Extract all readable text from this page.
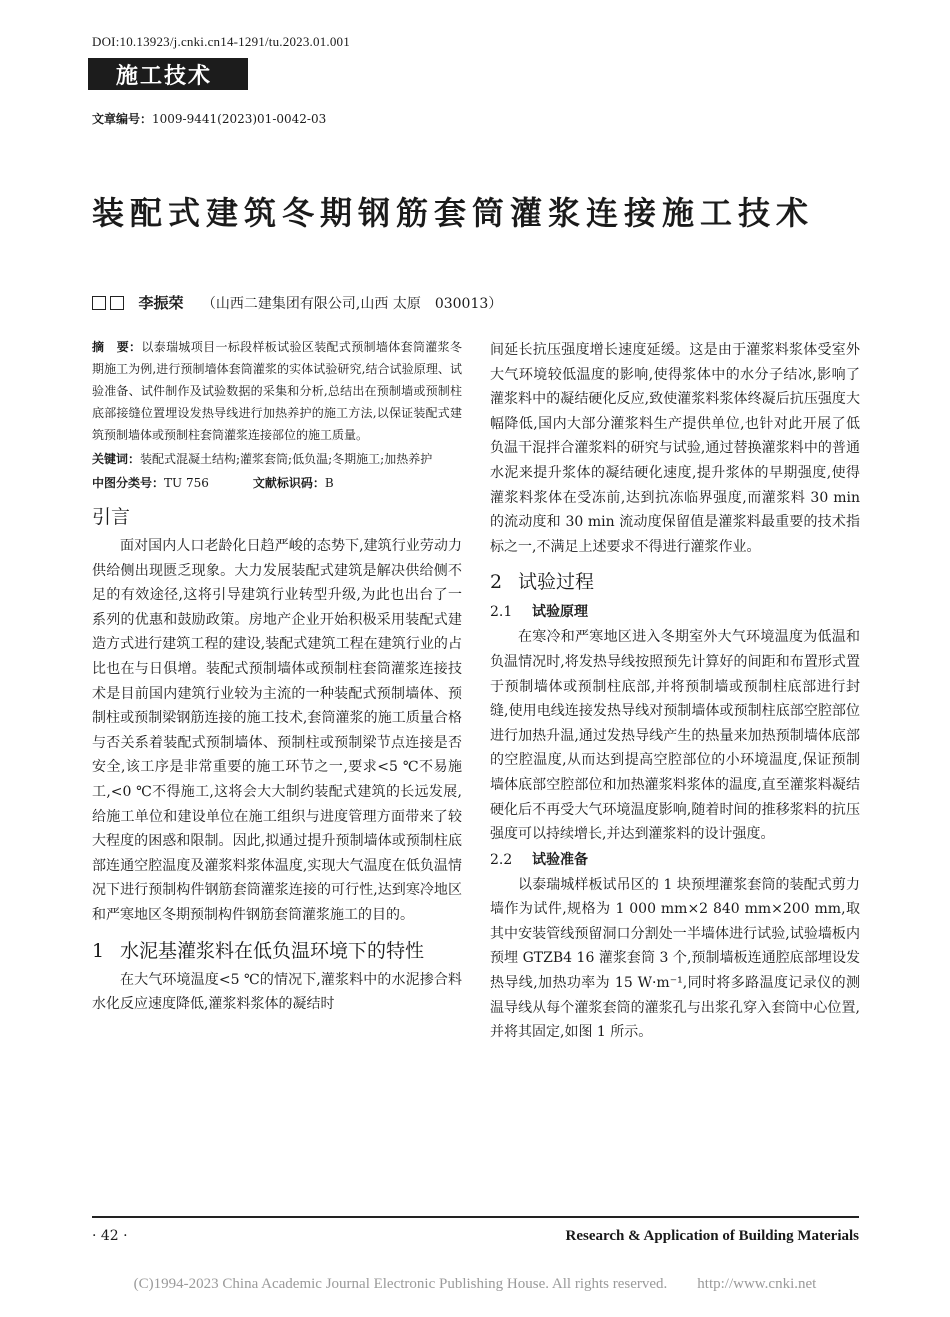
DOI:10.13923/j.cnki.cn14-1291/tu.2023.01.001
施工技术
文章编号：1009-9441(2023)01-0042-03
装配式建筑冬期钢筋套筒灌浆连接施工技术
李振荣 （山西二建集团有限公司,山西 太原　030013）
摘　要：以泰瑞城项目一标段样板试验区装配式预制墙体套筒灌浆冬期施工为例,进行预制墙体套筒灌浆的实体试验研究,结合试验原理、试验准备、试件制作及试验数据的采集和分析,总结出在预制墙或预制柱底部接缝位置埋设发热导线进行加热养护的施工方法,以保证装配式建筑预制墙体或预制柱套筒灌浆连接部位的施工质量。
关键词：装配式混凝土结构;灌浆套筒;低负温;冬期施工;加热养护
中图分类号：TU 756	文献标识码：B
引言

面对国内人口老龄化日趋严峻的态势下,建筑行业劳动力供给侧出现匮乏现象。大力发展装配式建筑是解决供给侧不足的有效途径,这将引导建筑行业转型升级,为此也出台了一系列的优惠和鼓励政策。房地产企业开始积极采用装配式建造方式进行建筑工程的建设,装配式建筑工程在建筑行业的占比也在与日俱增。装配式预制墙体或预制柱套筒灌浆连接技术是目前国内建筑行业较为主流的一种装配式预制墙体、预制柱或预制梁钢筋连接的施工技术,套筒灌浆的施工质量合格与否关系着装配式预制墙体、预制柱或预制梁节点连接是否安全,该工序是非常重要的施工环节之一,要求<5 ℃不易施工,<0 ℃不得施工,这将会大大制约装配式建筑的长远发展,给施工单位和建设单位在施工组织与进度管理方面带来了较大程度的困惑和限制。因此,拟通过提升预制墙体或预制柱底部连通空腔温度及灌浆料浆体温度,实现大气温度在低负温情况下进行预制构件钢筋套筒灌浆连接的可行性,达到寒冷地区和严寒地区冬期预制构件钢筋套筒灌浆施工的目的。

1 水泥基灌浆料在低负温环境下的特性

在大气环境温度<5 ℃的情况下,灌浆料中的水泥掺合料水化反应速度降低,灌浆料浆体的凝结时

间延长抗压强度增长速度延缓。这是由于灌浆料浆体受室外大气环境较低温度的影响,使得浆体中的水分子结冰,影响了灌浆料中的凝结硬化反应,致使灌浆料浆体终凝后抗压强度大幅降低,国内大部分灌浆料生产提供单位,也针对此开展了低负温干混拌合灌浆料的研究与试验,通过替换灌浆料中的普通水泥来提升浆体的凝结硬化速度,提升浆体的早期强度,使得灌浆料浆体在受冻前,达到抗冻临界强度,而灌浆料 30 min 的流动度和 30 min 流动度保留值是灌浆料最重要的技术指标之一,不满足上述要求不得进行灌浆作业。

2 试验过程
2.1 试验原理

在寒冷和严寒地区进入冬期室外大气环境温度为低温和负温情况时,将发热导线按照预先计算好的间距和布置形式置于预制墙体或预制柱底部,并将预制墙或预制柱底部进行封缝,使用电线连接发热导线对预制墙体或预制柱底部空腔部位进行加热升温,通过发热导线产生的热量来加热预制墙体底部的空腔温度,从而达到提高空腔部位的小环境温度,保证预制墙体底部空腔部位和加热灌浆料浆体的温度,直至灌浆料凝结硬化后不再受大气环境温度影响,随着时间的推移浆料的抗压强度可以持续增长,并达到灌浆料的设计强度。

2.2 试验准备

以泰瑞城样板试吊区的 1 块预埋灌浆套筒的装配式剪力墙作为试件,规格为 1 000 mm×2 840 mm×200 mm,取其中安装管线预留洞口分割处一半墙体进行试验,试验墙板内预埋 GTZB4 16 灌浆套筒 3 个,预制墙板连通腔底部埋设发热导线,加热功率为 15 W·m⁻¹,同时将多路温度记录仪的测温导线从每个灌浆套筒的灌浆孔与出浆孔穿入套筒中心位置,并将其固定,如图 1 所示。

· 42 ·	Research & Application of Building Materials
(C)1994-2023 China Academic Journal Electronic Publishing House. All rights reserved.　　http://www.cnki.net
